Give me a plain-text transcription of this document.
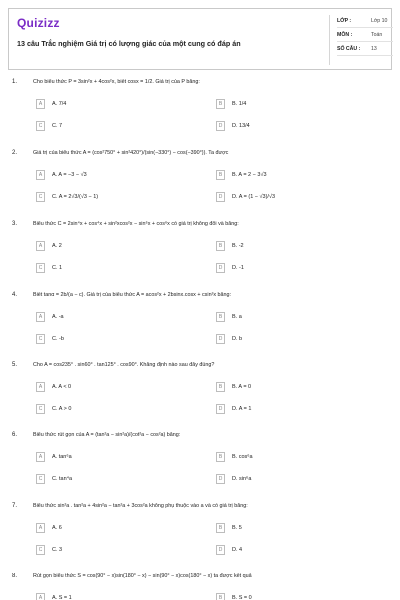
Quizizz
13 câu Trắc nghiệm Giá trị có lượng giác của một cung có đáp án
LỚP :	Lớp 10
MÔN :	Toán
SỐ CÂU : 13
1.	Cho biểu thức P = 3sin²x + 4cos²x, biết cosx = 1/2. Giá trị của P bằng:
A	A. 7/4	B	B. 1/4
C	C. 7	D	D. 13/4
2.	Giá trị của biểu thức A = (cos²750° + sin²420°)/(sin(−330°) − cos(−390°)). Ta được
A	A. A = −3 − √3	B	B. A = 2 − 3√3
C	C. A = 2√3/(√3 − 1)	D	D. A = (1 − √3)/√3
3.	Biểu thức C = 2sin⁴x + cos⁴x + sin²xcos²x − sin⁶x + cos⁶x có giá trị không đổi và bằng:
A	A. 2	B	B. -2
C	C. 1	D	D. -1
4.	Biết tanα = 2b/(a − c). Giá trị của biểu thức A = acos²x + 2bsinx.cosx + csin²x bằng:
A	A. -a	B	B. a
C	C. -b	D	D. b
5.	Cho A = cos235° . sin60° . tan125° . cos90°. Khẳng định nào sau đây đúng?
A	A. A < 0	B	B. A = 0
C	C. A > 0	D	D. A = 1
6.	Biểu thức rút gọn của A = (tan²a − sin²a)/(cot²a − cos²a) bằng:
A	A. tan⁶a	B	B. cos⁶a
C	C. tan⁴a	D	D. sin⁶a
7.	Biểu thức sin²a . tan²a + 4sin²a − tan²a + 3cos²a không phụ thuộc vào a và có giá trị bằng:
A	A. 6	B	B. 5
C	C. 3	D	D. 4
8.	Rút gọn biểu thức S = cos(90° − x)sin(180° − x) − sin(90° − x)cos(180° − x) ta được kết quả
A	A. S = 1	B	B. S = 0
